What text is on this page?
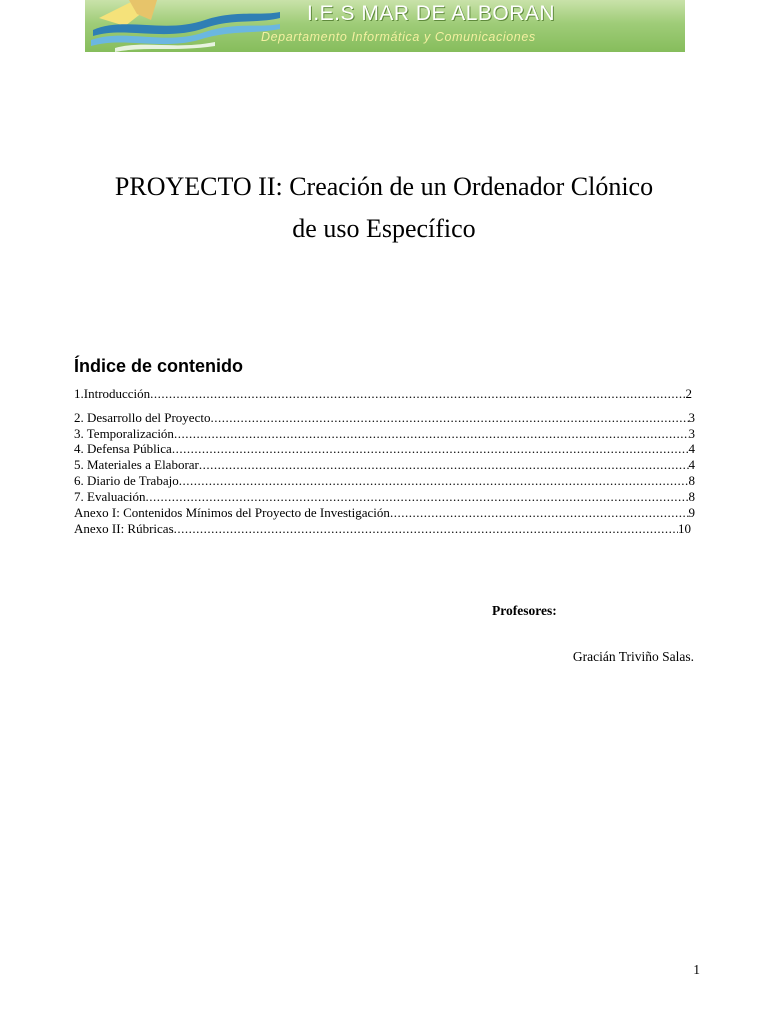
I.E.S MAR DE ALBORAN
Departamento Informática y Comunicaciones
PROYECTO II: Creación de un Ordenador Clónico
de uso Específico
Índice de contenido
1.Introducción .....	2
2. Desarrollo del Proyecto .....	3
3. Temporalización .....	3
4. Defensa Pública .....	4
5. Materiales a Elaborar .....	4
6. Diario de Trabajo .....	8
7. Evaluación .....	8
Anexo I: Contenidos Mínimos del Proyecto de Investigación .....	9
Anexo II: Rúbricas .....	10
Profesores:
Gracián Triviño Salas.
1
